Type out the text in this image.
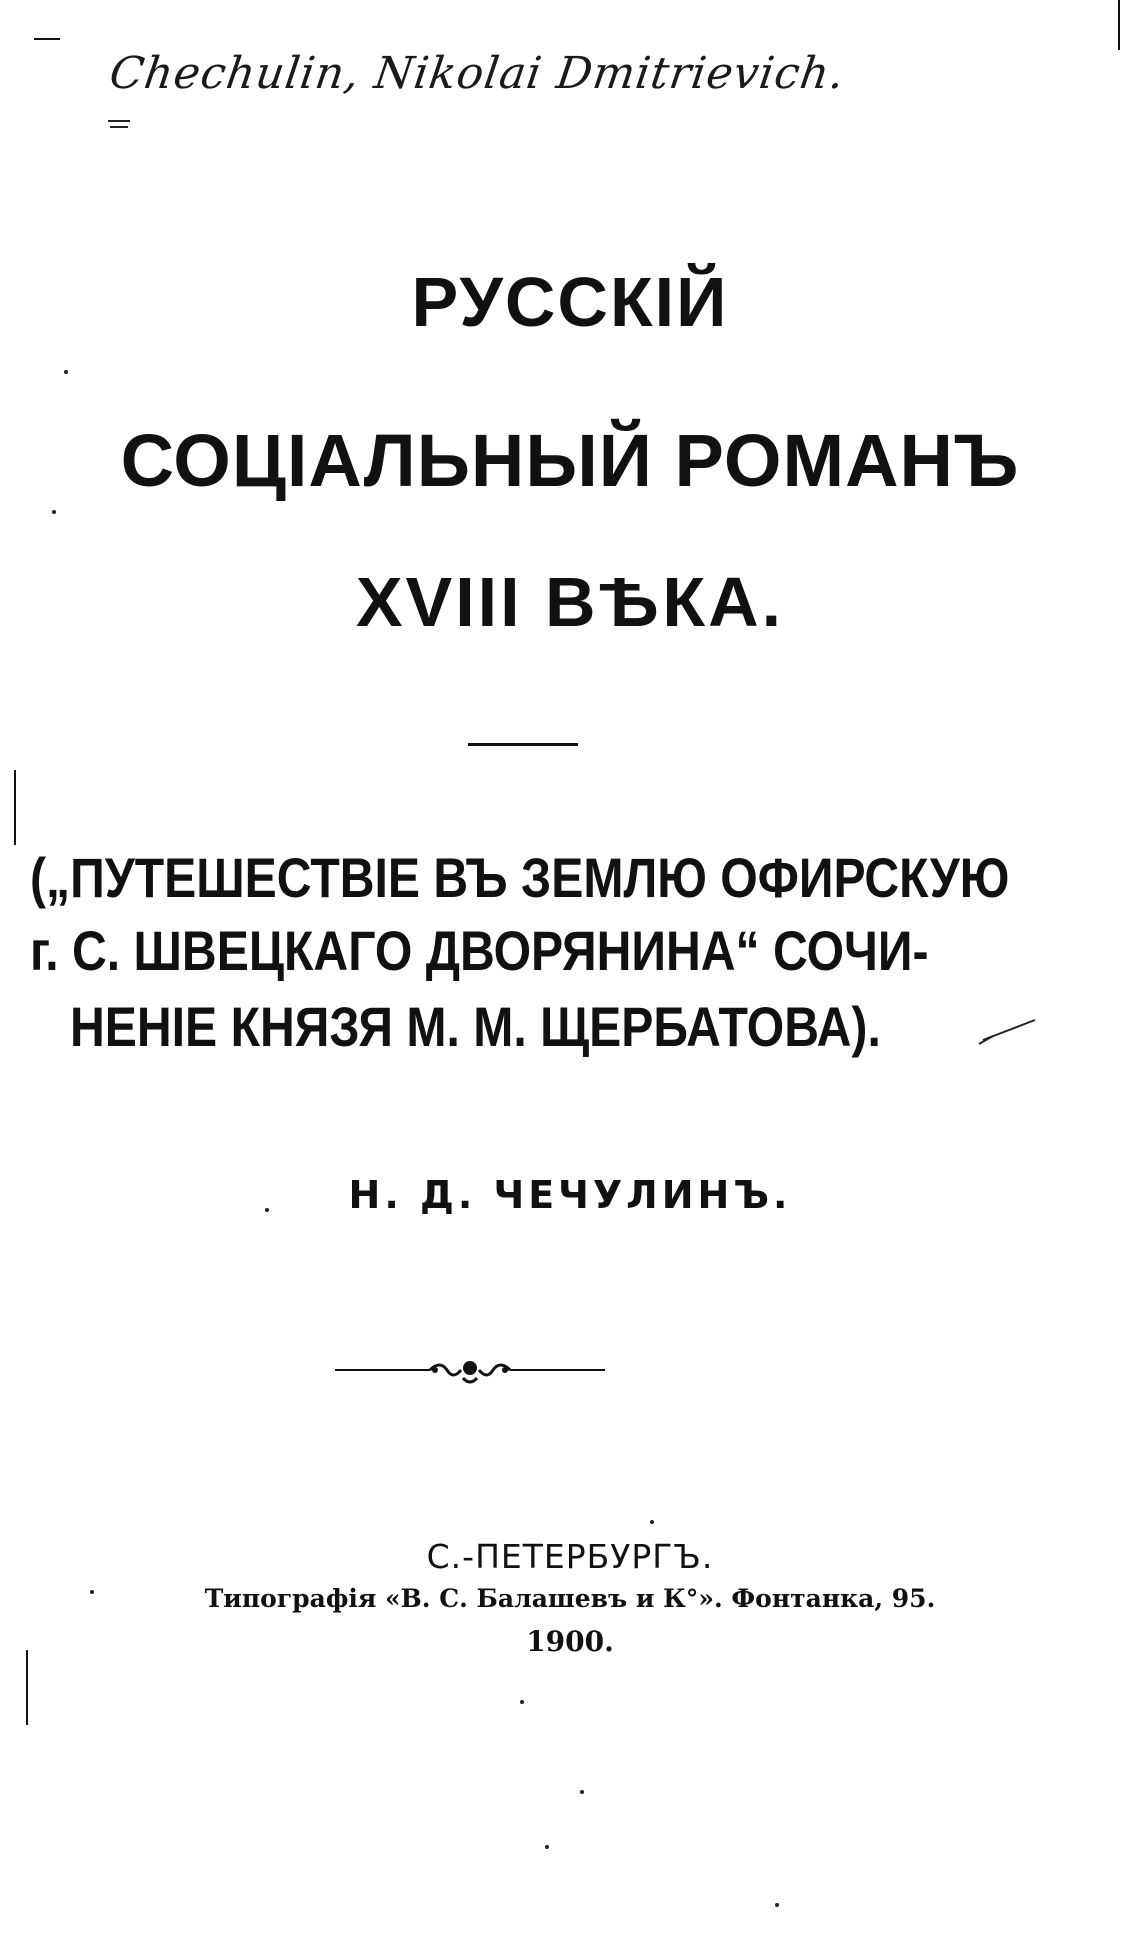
Chechulin, Nikolai Dmitrievich.
РУССКІЙ
СОЦІАЛЬНЫЙ РОМАНЪ
XVIII ВѢКА.
(„ПУТЕШЕСТВІЕ ВЪ ЗЕМЛЮ ОФИРСКУЮ
г. С. ШВЕЦКАГО ДВОРЯНИНА“ СОЧИ-
НЕНІЕ КНЯЗЯ М. М. ЩЕРБАТОВА).
Н. Д. ЧЕЧУЛИНЪ.
С.-ПЕТЕРБУРГЪ.
Типографія «В. С. Балашевъ и К°». Фонтанка, 95.
1900.
